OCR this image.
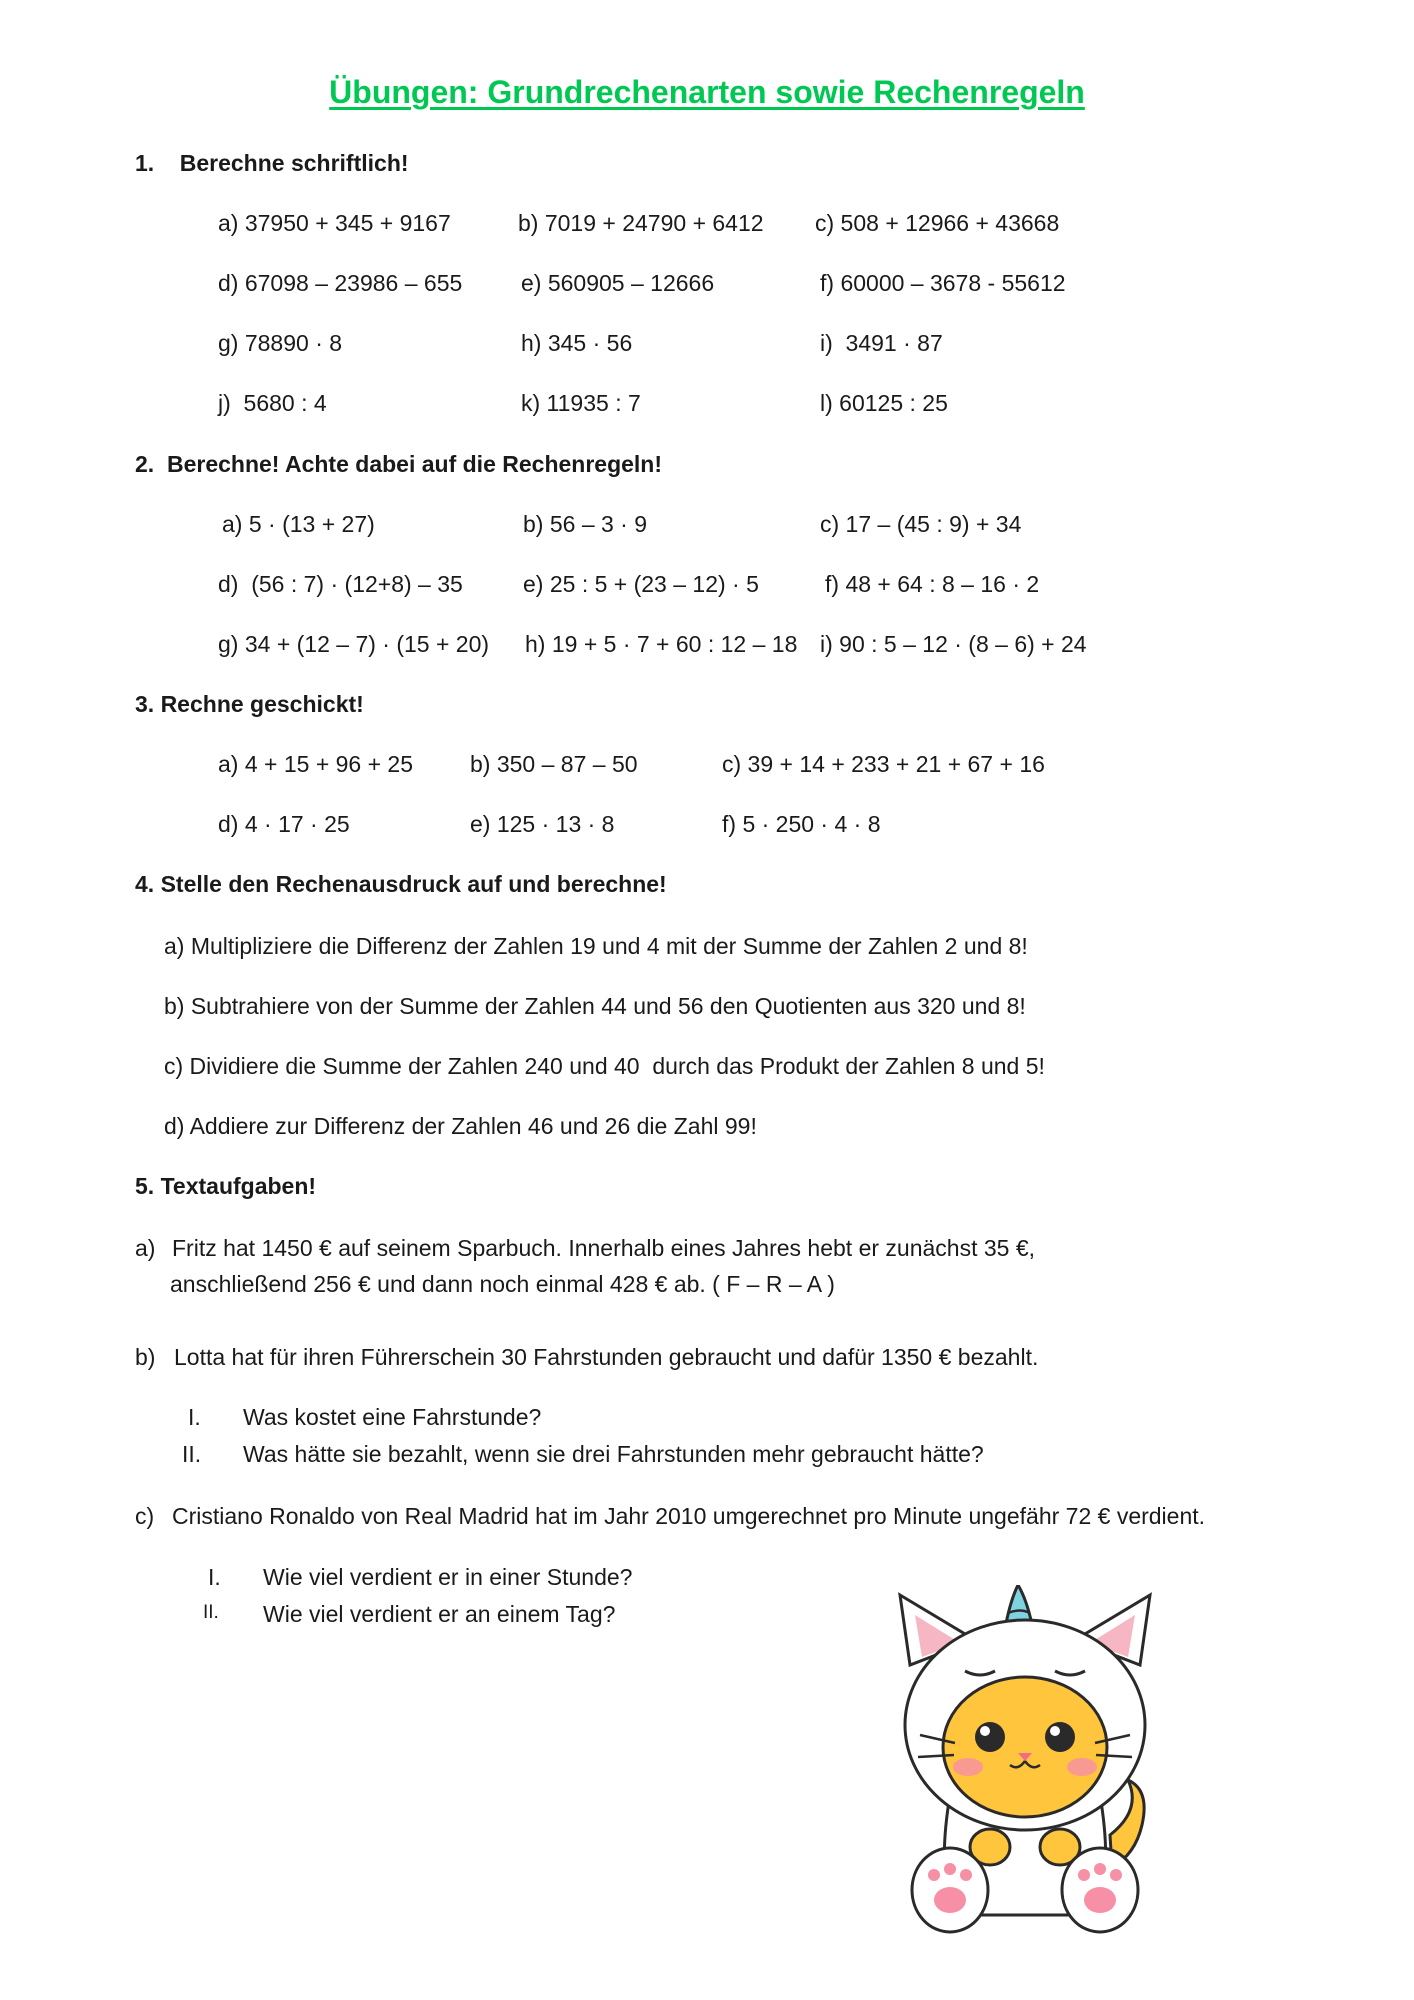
Übungen: Grundrechenarten sowie Rechenregeln
1.    Berechne schriftlich!
a) 37950 + 345 + 9167	b) 7019 + 24790 + 6412 c) 508 + 12966 + 43668
d) 67098 – 23986 – 655	e) 560905 – 12666	f) 60000 – 3678 - 55612
g) 78890 · 8	h) 345 · 56	i)  3491 · 87
j)  5680 : 4	k) 11935 : 7	l) 60125 : 25
2.  Berechne! Achte dabei auf die Rechenregeln!
a) 5 · (13 + 27)	b) 56 – 3 · 9	c) 17 – (45 : 9) + 34
d)  (56 : 7) · (12+8) – 35	e) 25 : 5 + (23 – 12) · 5	f) 48 + 64 : 8 – 16 · 2
g) 34 + (12 – 7) · (15 + 20) h) 19 + 5 · 7 + 60 : 12 – 18 i) 90 : 5 – 12 · (8 – 6) + 24
3. Rechne geschickt!
a) 4 + 15 + 96 + 25 b) 350 – 87 – 50	c) 39 + 14 + 233 + 21 + 67 + 16
d) 4 · 17 · 25	e) 125 · 13 · 8	f) 5 · 250 · 4 · 8
4. Stelle den Rechenausdruck auf und berechne!
a) Multipliziere die Differenz der Zahlen 19 und 4 mit der Summe der Zahlen 2 und 8!
b) Subtrahiere von der Summe der Zahlen 44 und 56 den Quotienten aus 320 und 8!
c) Dividiere die Summe der Zahlen 240 und 40  durch das Produkt der Zahlen 8 und 5!
d) Addiere zur Differenz der Zahlen 46 und 26 die Zahl 99!
5. Textaufgaben!
a) Fritz hat 1450 € auf seinem Sparbuch. Innerhalb eines Jahres hebt er zunächst 35 €,
anschließend 256 € und dann noch einmal 428 € ab. ( F – R – A )
b) Lotta hat für ihren Führerschein 30 Fahrstunden gebraucht und dafür 1350 € bezahlt.
I. Was kostet eine Fahrstunde?
II. Was hätte sie bezahlt, wenn sie drei Fahrstunden mehr gebraucht hätte?
c) Cristiano Ronaldo von Real Madrid hat im Jahr 2010 umgerechnet pro Minute ungefähr 72 € verdient.
I. Wie viel verdient er in einer Stunde?
II. Wie viel verdient er an einem Tag?
